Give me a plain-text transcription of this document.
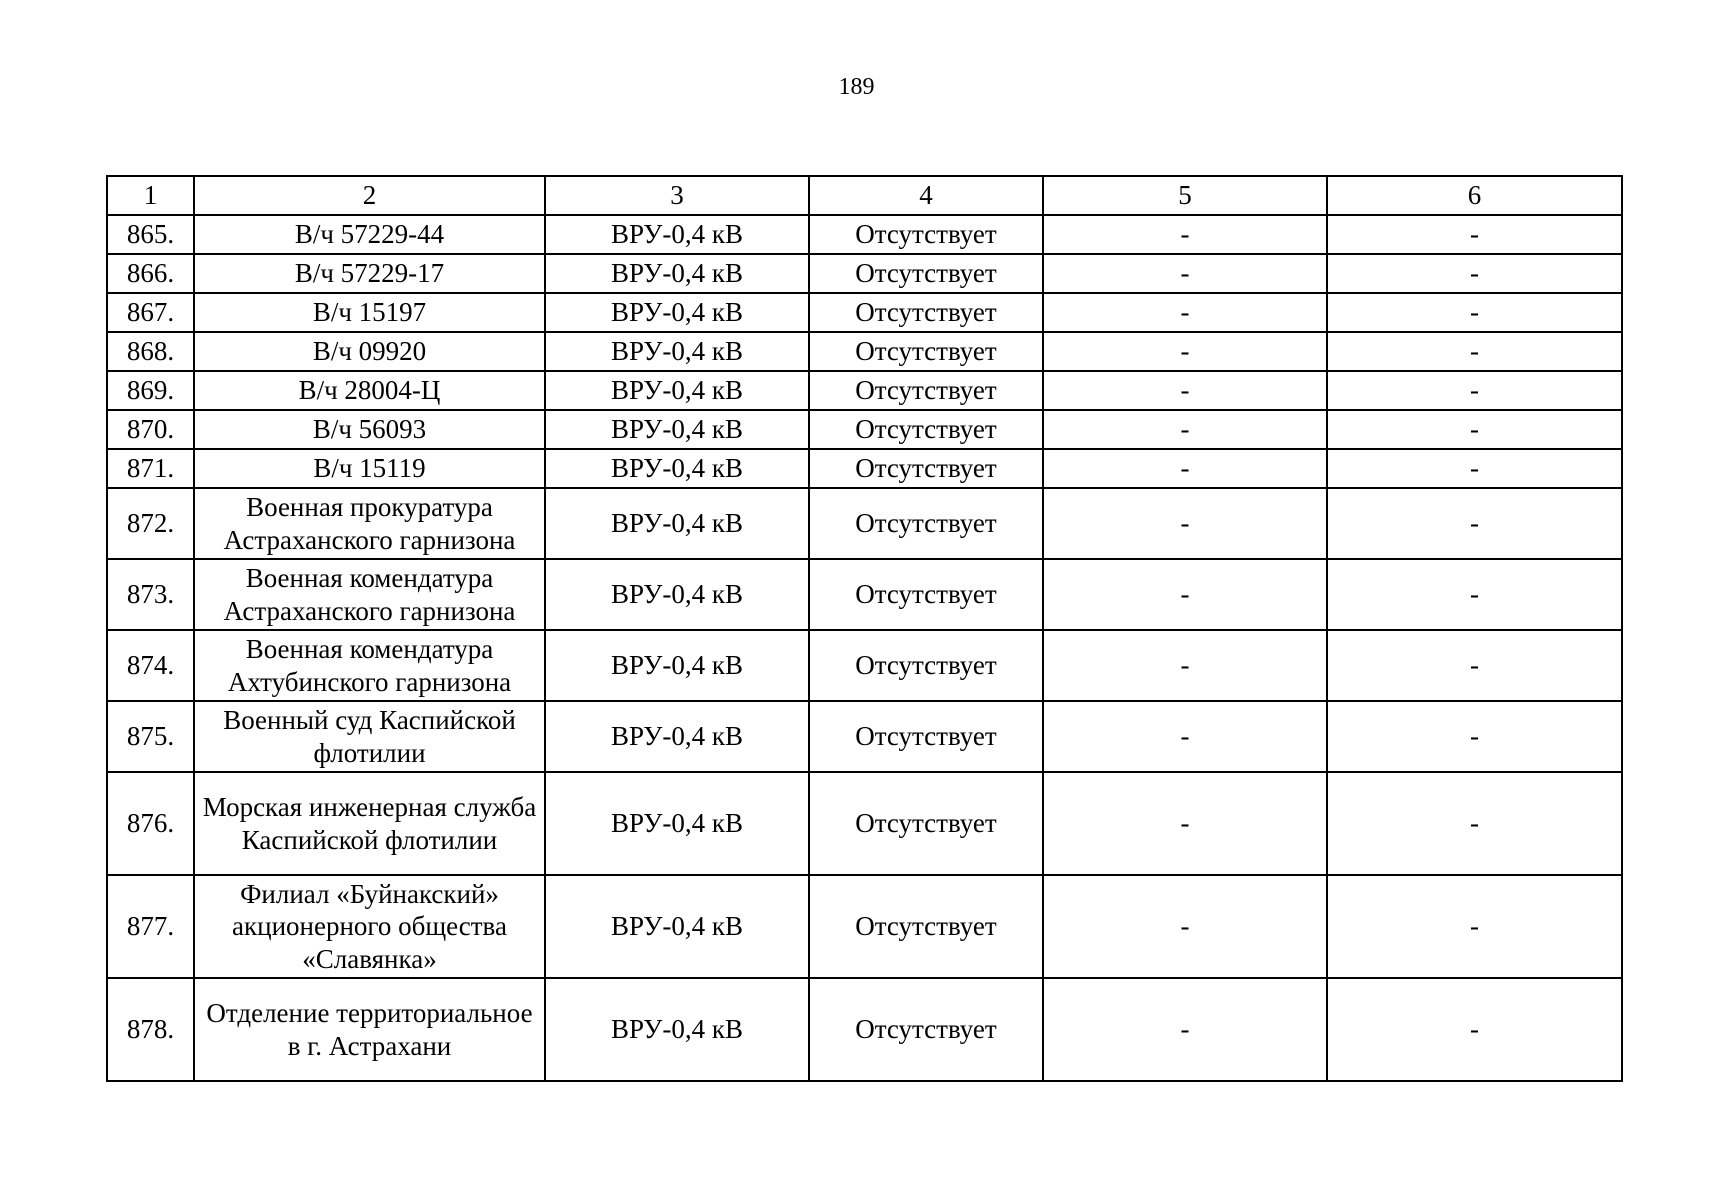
189
1	2	3	4	5	6
865.	В/ч 57229-44	ВРУ-0,4 кВ	Отсутствует	-	-
866.	В/ч 57229-17	ВРУ-0,4 кВ	Отсутствует	-	-
867.	В/ч 15197	ВРУ-0,4 кВ	Отсутствует	-	-
868.	В/ч 09920	ВРУ-0,4 кВ	Отсутствует	-	-
869.	В/ч 28004-Ц	ВРУ-0,4 кВ	Отсутствует	-	-
870.	В/ч 56093	ВРУ-0,4 кВ	Отсутствует	-	-
871.	В/ч 15119	ВРУ-0,4 кВ	Отсутствует	-	-
872.	Военная прокуратура Астраханского гарнизона	ВРУ-0,4 кВ	Отсутствует	-	-
873.	Военная комендатура Астраханского гарнизона	ВРУ-0,4 кВ	Отсутствует	-	-
874.	Военная комендатура Ахтубинского гарнизона	ВРУ-0,4 кВ	Отсутствует	-	-
875.	Военный суд Каспийской флотилии	ВРУ-0,4 кВ	Отсутствует	-	-
876.	Морская инженерная служба Каспийской флотилии	ВРУ-0,4 кВ	Отсутствует	-	-
877.	Филиал «Буйнакский» акционерного общества «Славянка»	ВРУ-0,4 кВ	Отсутствует	-	-
878.	Отделение территориальное в г. Астрахани	ВРУ-0,4 кВ	Отсутствует	-	-
